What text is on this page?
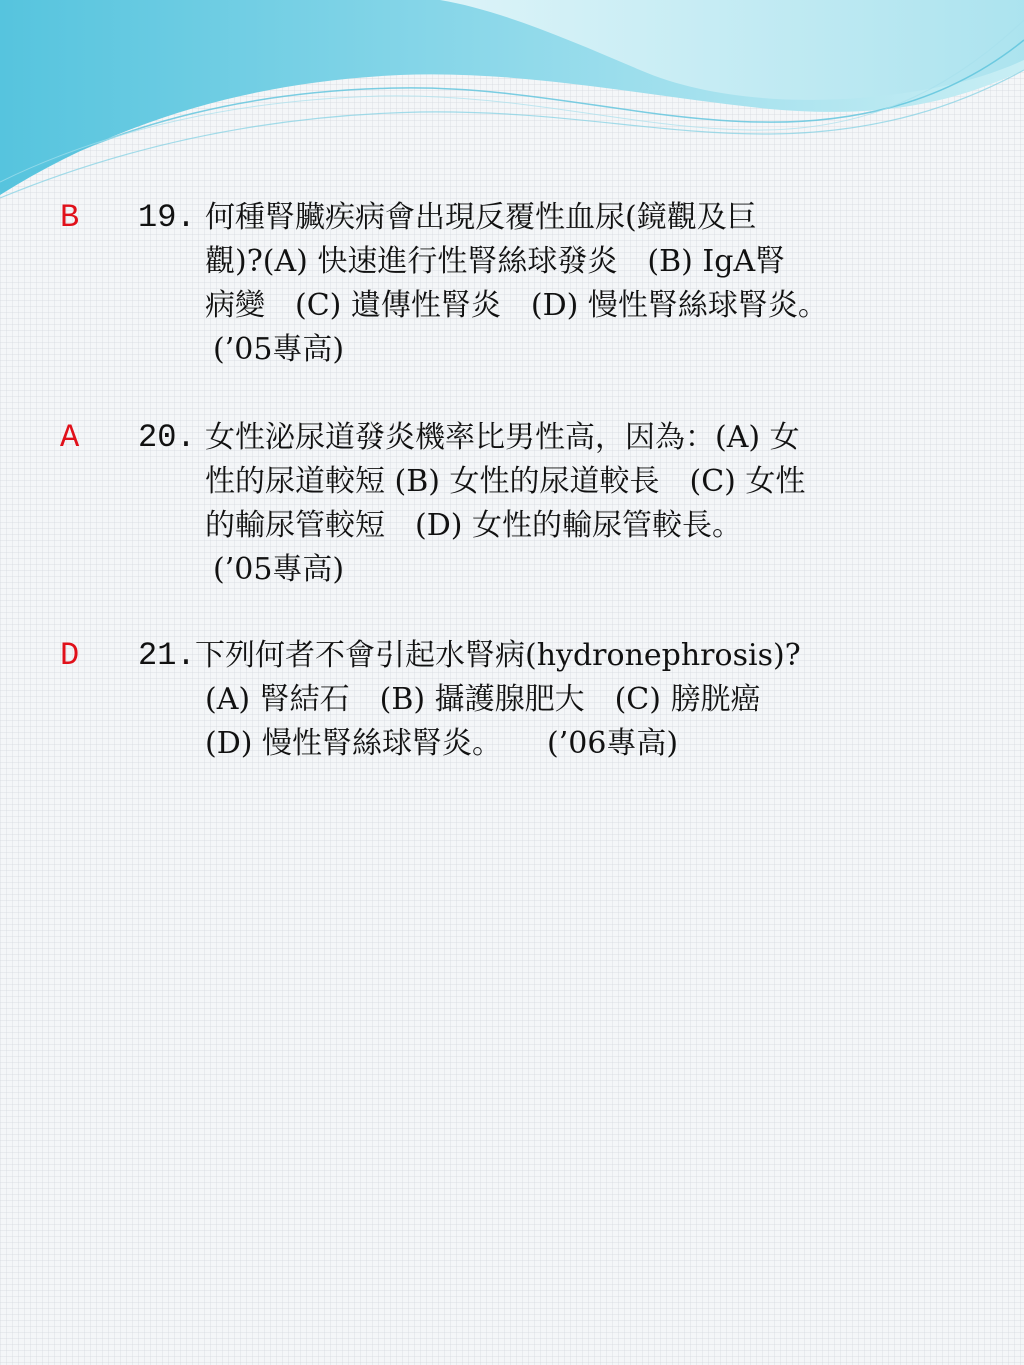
B 19. 何種腎臟疾病會出現反覆性血尿(鏡觀及巨
觀)?(A) 快速進行性腎絲球發炎　(B) IgA腎
病變　(C) 遺傳性腎炎　(D) 慢性腎絲球腎炎。
(’05專高)
A 20. 女性泌尿道發炎機率比男性高，因為：(A) 女
性的尿道較短 (B) 女性的尿道較長　(C) 女性
的輸尿管較短　(D) 女性的輸尿管較長。
(’05專高)
D 21. 下列何者不會引起水腎病(hydronephrosis)?
(A) 腎結石　(B) 攝護腺肥大　(C) 膀胱癌
(D) 慢性腎絲球腎炎。　　(’06專高)
